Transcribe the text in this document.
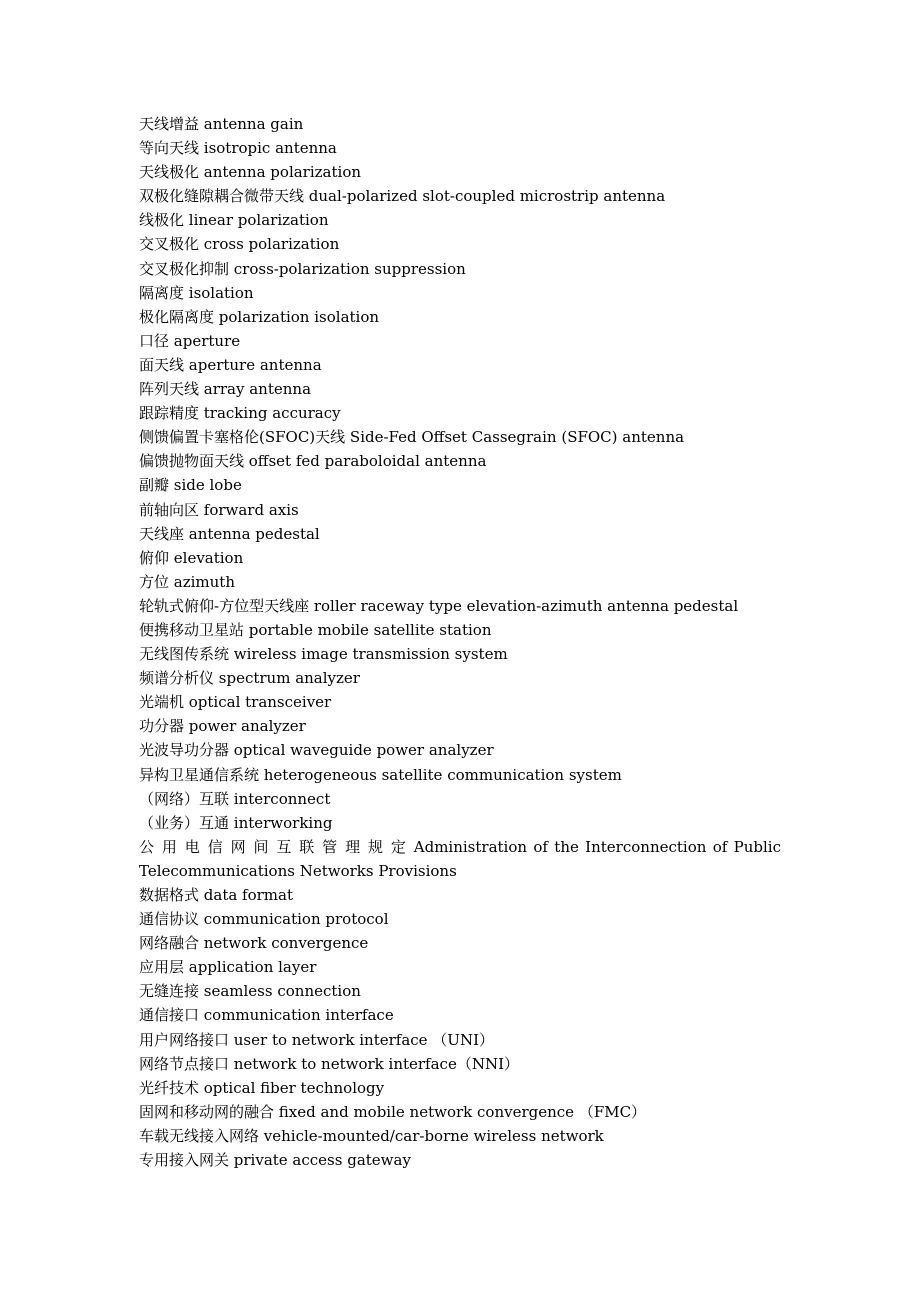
天线增益 antenna gain

等向天线 isotropic antenna

天线极化 antenna polarization

双极化缝隙耦合微带天线 dual-polarized slot-coupled microstrip antenna

线极化 linear polarization

交叉极化 cross polarization

交叉极化抑制 cross-polarization suppression

隔离度 isolation

极化隔离度 polarization isolation

口径 aperture

面天线 aperture antenna

阵列天线 array antenna

跟踪精度 tracking accuracy

侧馈偏置卡塞格伦(SFOC)天线 Side-Fed Offset Cassegrain (SFOC) antenna

偏馈抛物面天线 offset fed paraboloidal antenna

副瓣 side lobe

前轴向区 forward axis

天线座 antenna pedestal

俯仰 elevation

方位 azimuth

轮轨式俯仰-方位型天线座 roller raceway type elevation-azimuth antenna pedestal

便携移动卫星站 portable mobile satellite station

无线图传系统 wireless image transmission system

频谱分析仪 spectrum analyzer

光端机 optical transceiver

功分器 power analyzer

光波导功分器 optical waveguide power analyzer

异构卫星通信系统 heterogeneous satellite communication system

（网络）互联 interconnect

（业务）互通 interworking

公 用 电 信 网 间 互 联 管 理 规 定 Administration of the Interconnection of Public

Telecommunications Networks Provisions

数据格式 data format

通信协议 communication protocol

网络融合 network convergence

应用层 application layer

无缝连接 seamless connection

通信接口 communication interface

用户网络接口 user to network interface （UNI）

网络节点接口 network to network interface（NNI）

光纤技术 optical fiber technology

固网和移动网的融合 fixed and mobile network convergence （FMC）

车载无线接入网络 vehicle-mounted/car-borne wireless network

专用接入网关 private access gateway
